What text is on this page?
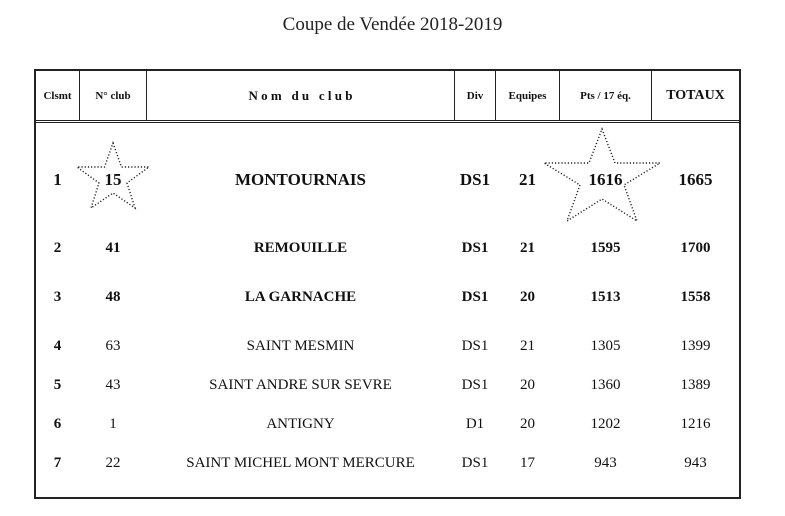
Coupe de Vendée 2018-2019
Clsmt	N° club	N o m   d u   c l u b	Div	Equipes	Pts / 17 éq.	TOTAUX
1	15	MONTOURNAIS	DS1	21	1616	1665
2	41	REMOUILLE	DS1	21	1595	1700
3	48	LA GARNACHE	DS1	20	1513	1558
4	63	SAINT MESMIN	DS1	21	1305	1399
5	43	SAINT ANDRE SUR SEVRE	DS1	20	1360	1389
6	1	ANTIGNY	D1	20	1202	1216
7	22	SAINT MICHEL MONT MERCURE	DS1	17	943	943
